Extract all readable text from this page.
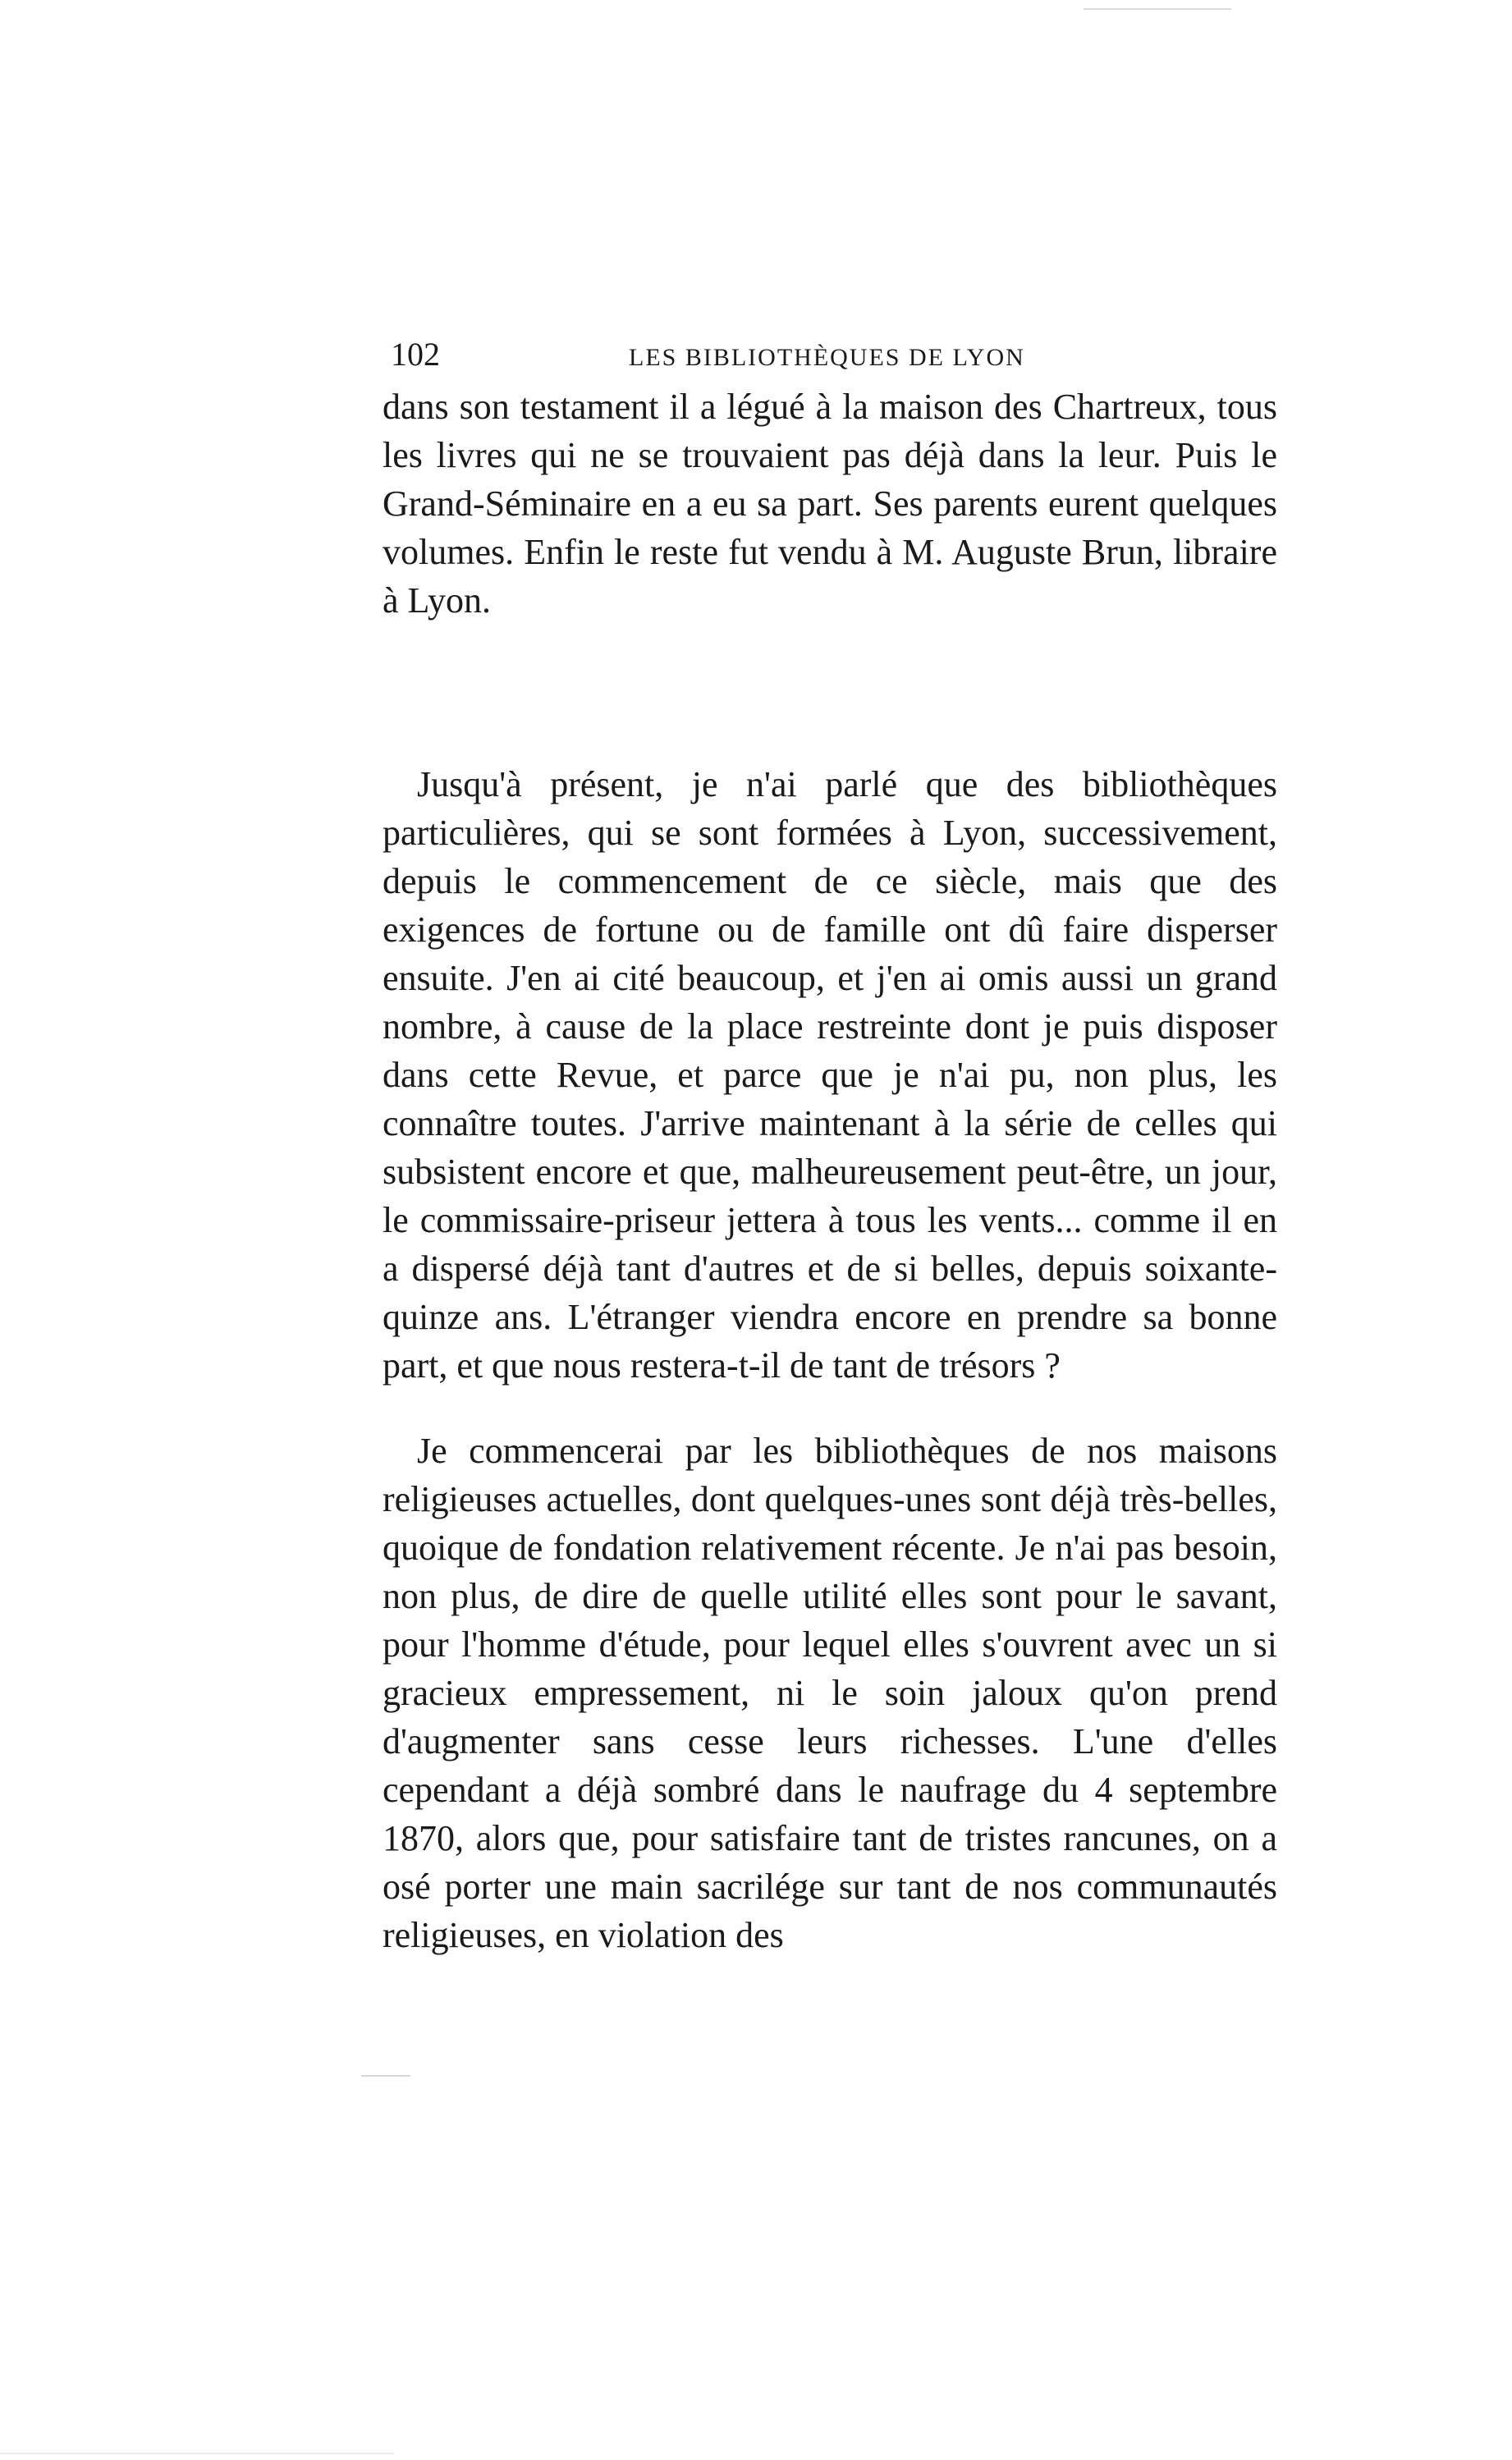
102	LES BIBLIOTHÈQUES DE LYON

dans son testament il a légué à la maison des Chartreux, tous les livres qui ne se trouvaient pas déjà dans la leur. Puis le Grand-Séminaire en a eu sa part. Ses parents eurent quelques volumes. Enfin le reste fut vendu à M. Auguste Brun, libraire à Lyon.

Jusqu'à présent, je n'ai parlé que des bibliothèques particulières, qui se sont formées à Lyon, successivement, depuis le commencement de ce siècle, mais que des exigences de fortune ou de famille ont dû faire disperser ensuite. J'en ai cité beaucoup, et j'en ai omis aussi un grand nombre, à cause de la place restreinte dont je puis disposer dans cette Revue, et parce que je n'ai pu, non plus, les connaître toutes. J'arrive maintenant à la série de celles qui subsistent encore et que, malheureusement peut-être, un jour, le commissaire-priseur jettera à tous les vents... comme il en a dispersé déjà tant d'autres et de si belles, depuis soixante-quinze ans. L'étranger viendra encore en prendre sa bonne part, et que nous restera-t-il de tant de trésors ?

Je commencerai par les bibliothèques de nos maisons religieuses actuelles, dont quelques-unes sont déjà très-belles, quoique de fondation relativement récente. Je n'ai pas besoin, non plus, de dire de quelle utilité elles sont pour le savant, pour l'homme d'étude, pour lequel elles s'ouvrent avec un si gracieux empressement, ni le soin jaloux qu'on prend d'augmenter sans cesse leurs richesses. L'une d'elles cependant a déjà sombré dans le naufrage du 4 septembre 1870, alors que, pour satisfaire tant de tristes rancunes, on a osé porter une main sacrilége sur tant de nos communautés religieuses, en violation des
